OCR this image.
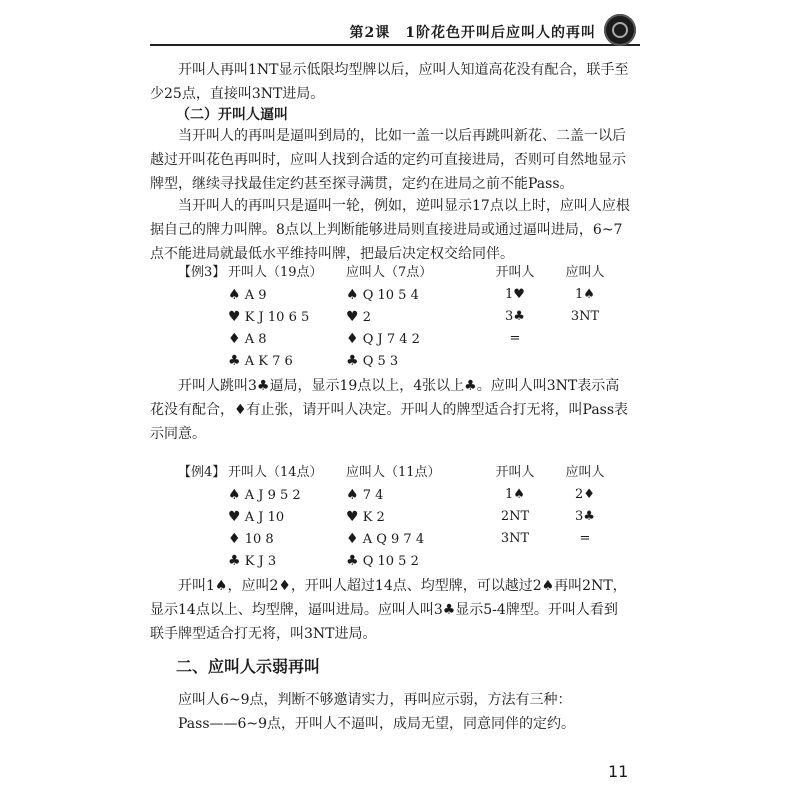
第2课　1阶花色开叫后应叫人的再叫

开叫人再叫1NT显示低限均型牌以后，应叫人知道高花没有配合，联手至少25点，直接叫3NT进局。

（二）开叫人逼叫

当开叫人的再叫是逼叫到局的，比如一盖一以后再跳叫新花、二盖一以后越过开叫花色再叫时，应叫人找到合适的定约可直接进局，否则可自然地显示牌型，继续寻找最佳定约甚至探寻满贯，定约在进局之前不能Pass。

当开叫人的再叫只是逼叫一轮，例如，逆叫显示17点以上时，应叫人应根据自己的牌力叫牌。8点以上判断能够进局则直接进局或通过逼叫进局，6~7点不能进局就最低水平维持叫牌，把最后决定权交给同伴。

【例3】 开叫人（19点） 应叫人（7点）	开叫人	应叫人
♠ A 9	♠ Q 10 5 4	1♥	1♠
♥ K J 10 6 5	♥ 2	3♣	3NT
♦ A 8	♦ Q J 7 4 2	=
♣ A K 7 6	♣ Q 5 3

开叫人跳叫3♣逼局，显示19点以上，4张以上♣。应叫人叫3NT表示高花没有配合，♦有止张，请开叫人决定。开叫人的牌型适合打无将，叫Pass表示同意。

【例4】 开叫人（14点） 应叫人（11点）	开叫人	应叫人
♠ A J 9 5 2	♠ 7 4	1♠	2♦
♥ A J 10	♥ K 2	2NT	3♣
♦ 10 8	♦ A Q 9 7 4	3NT	=
♣ K J 3	♣ Q 10 5 2

开叫1♠，应叫2♦，开叫人超过14点、均型牌，可以越过2♠再叫2NT，显示14点以上、均型牌，逼叫进局。应叫人叫3♣显示5-4牌型。开叫人看到联手牌型适合打无将，叫3NT进局。

二、应叫人示弱再叫

应叫人6~9点，判断不够邀请实力，再叫应示弱，方法有三种：

Pass——6~9点，开叫人不逼叫，成局无望，同意同伴的定约。

11
